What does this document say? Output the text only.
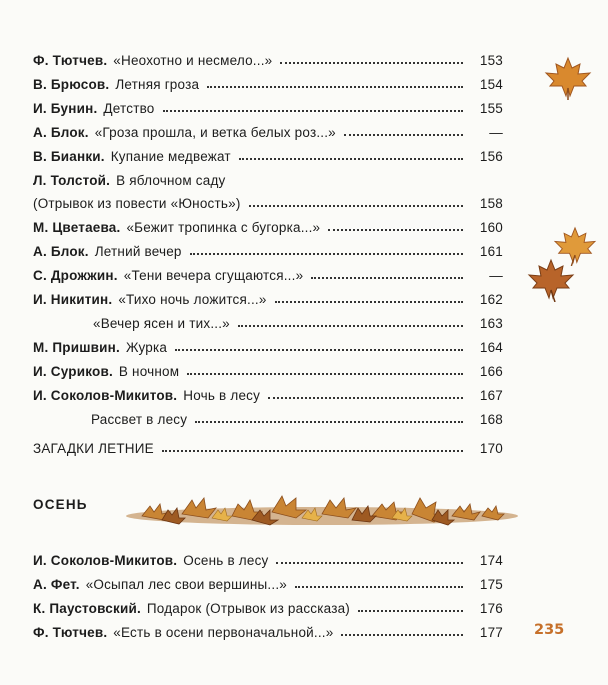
Ф. Тютчев. «Неохотно и несмело...»	153
В. Брюсов. Летняя гроза	154
И. Бунин. Детство	155
А. Блок. «Гроза прошла, и ветка белых роз...»	—
В. Бианки. Купание медвежат	156
Л. Толстой. В яблочном саду
(Отрывок из повести «Юность»)	158
М. Цветаева. «Бежит тропинка с бугорка...»	160
А. Блок. Летний вечер	161
С. Дрожжин. «Тени вечера сгущаются...»	—
И. Никитин. «Тихо ночь ложится...»	162
«Вечер ясен и тих...»	163
М. Пришвин. Журка	164
И. Суриков. В ночном	166
И. Соколов-Микитов. Ночь в лесу	167
Рассвет в лесу	168
ЗАГАДКИ ЛЕТНИЕ	170
ОСЕНЬ
И. Соколов-Микитов. Осень в лесу	174
А. Фет. «Осыпал лес свои вершины...»	175
К. Паустовский. Подарок (Отрывок из рассказа)	176
Ф. Тютчев. «Есть в осени первоначальной...»	177 235
